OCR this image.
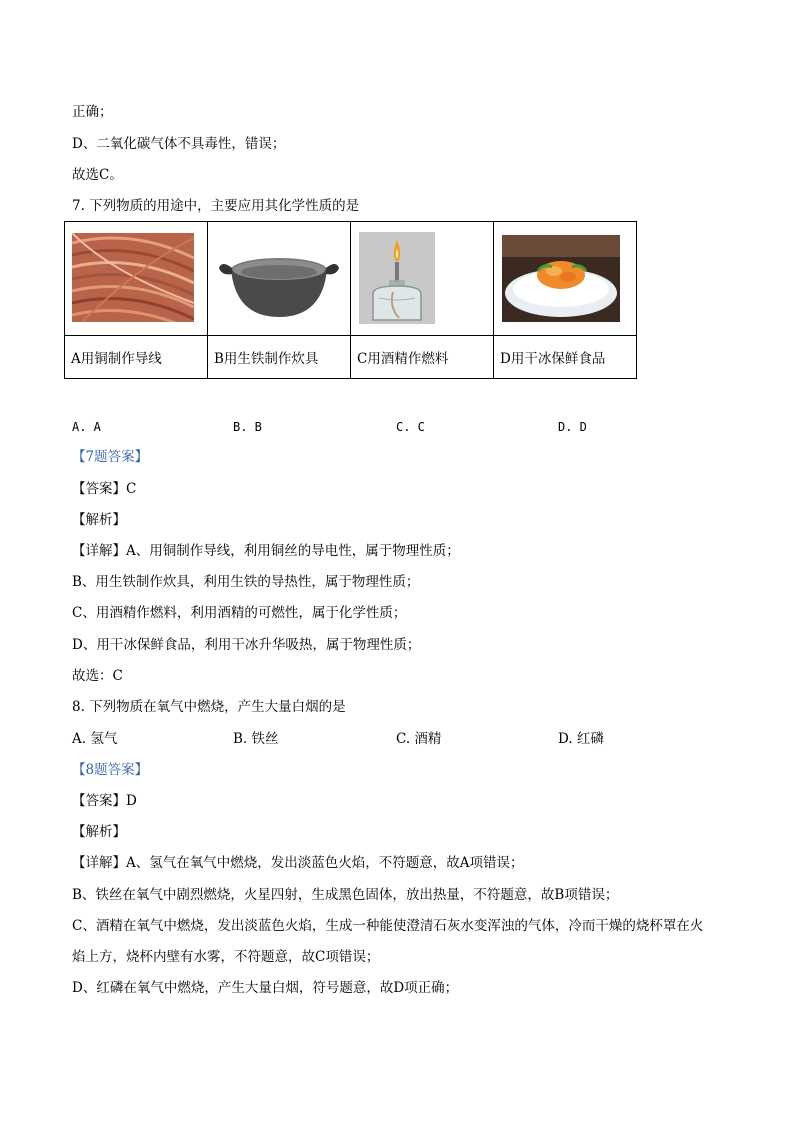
正确；
D、二氧化碳气体不具毒性，错误；
故选C。
7. 下列物质的用途中，主要应用其化学性质的是

A用铜制作导线	B用生铁制作炊具	C用酒精作燃料	D用干冰保鲜食品
A. A	B. B	C. C	D. D
【7题答案】
【答案】C
【解析】
【详解】A、用铜制作导线，利用铜丝的导电性，属于物理性质；
B、用生铁制作炊具，利用生铁的导热性，属于物理性质；
C、用酒精作燃料，利用酒精的可燃性，属于化学性质；
D、用干冰保鲜食品，利用干冰升华吸热，属于物理性质；
故选：C
8. 下列物质在氧气中燃烧，产生大量白烟的是
A. 氢气	B. 铁丝	C. 酒精	D. 红磷
【8题答案】
【答案】D
【解析】
【详解】A、氢气在氧气中燃烧，发出淡蓝色火焰，不符题意，故A项错误；
B、铁丝在氧气中剧烈燃烧，火星四射，生成黑色固体，放出热量，不符题意，故B项错误；
C、酒精在氧气中燃烧，发出淡蓝色火焰，生成一种能使澄清石灰水变浑浊的气体，冷而干燥的烧杯罩在火
焰上方，烧杯内壁有水雾，不符题意，故C项错误；
D、红磷在氧气中燃烧，产生大量白烟，符号题意，故D项正确；
